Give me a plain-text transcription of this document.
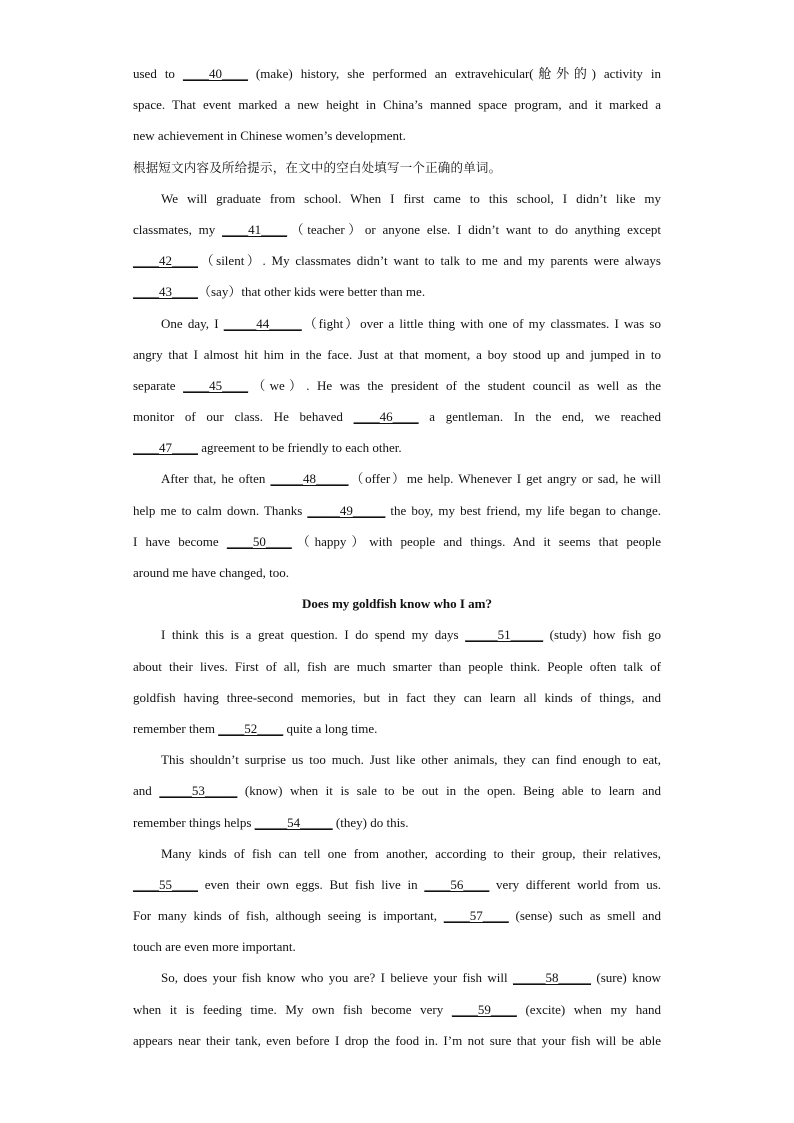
used to ____40____ (make) history, she performed an extravehicular(舱外的) activity in
space. That event marked a new height in China’s manned space program, and it marked a
new achievement in Chinese women’s development.
根据短文内容及所给提示，在文中的空白处填写一个正确的单词。
We will graduate from school. When I first came to this school, I didn’t like my
classmates, my ____41____（teacher）or anyone else. I didn’t want to do anything except
____42____（silent）. My classmates didn’t want to talk to me and my parents were always
____43____（say）that other kids were better than me.
One day, I _____44_____（fight）over a little thing with one of my classmates. I was so
angry that I almost hit him in the face. Just at that moment, a boy stood up and jumped in to
separate ____45____（we）. He was the president of the student council as well as the
monitor of our class. He behaved ____46____ a gentleman. In the end, we reached
____47____ agreement to be friendly to each other.
After that, he often _____48_____（offer）me help. Whenever I get angry or sad, he will
help me to calm down. Thanks _____49_____ the boy, my best friend, my life began to change.
I have become ____50____（happy）with people and things. And it seems that people
around me have changed, too.
Does my goldfish know who I am?
I think this is a great question. I do spend my days _____51_____ (study) how fish go
about their lives. First of all, fish are much smarter than people think. People often talk of
goldfish having three-second memories, but in fact they can learn all kinds of things, and
remember them ____52____ quite a long time.
This shouldn’t surprise us too much. Just like other animals, they can find enough to eat,
and _____53_____ (know) when it is sale to be out in the open. Being able to learn and
remember things helps _____54_____ (they) do this.
Many kinds of fish can tell one from another, according to their group, their relatives,
____55____ even their own eggs. But fish live in ____56____ very different world from us.
For many kinds of fish, although seeing is important, ____57____ (sense) such as smell and
touch are even more important.
So, does your fish know who you are? I believe your fish will _____58_____ (sure) know
when it is feeding time. My own fish become very ____59____ (excite) when my hand
appears near their tank, even before I drop the food in. I’m not sure that your fish will be able
